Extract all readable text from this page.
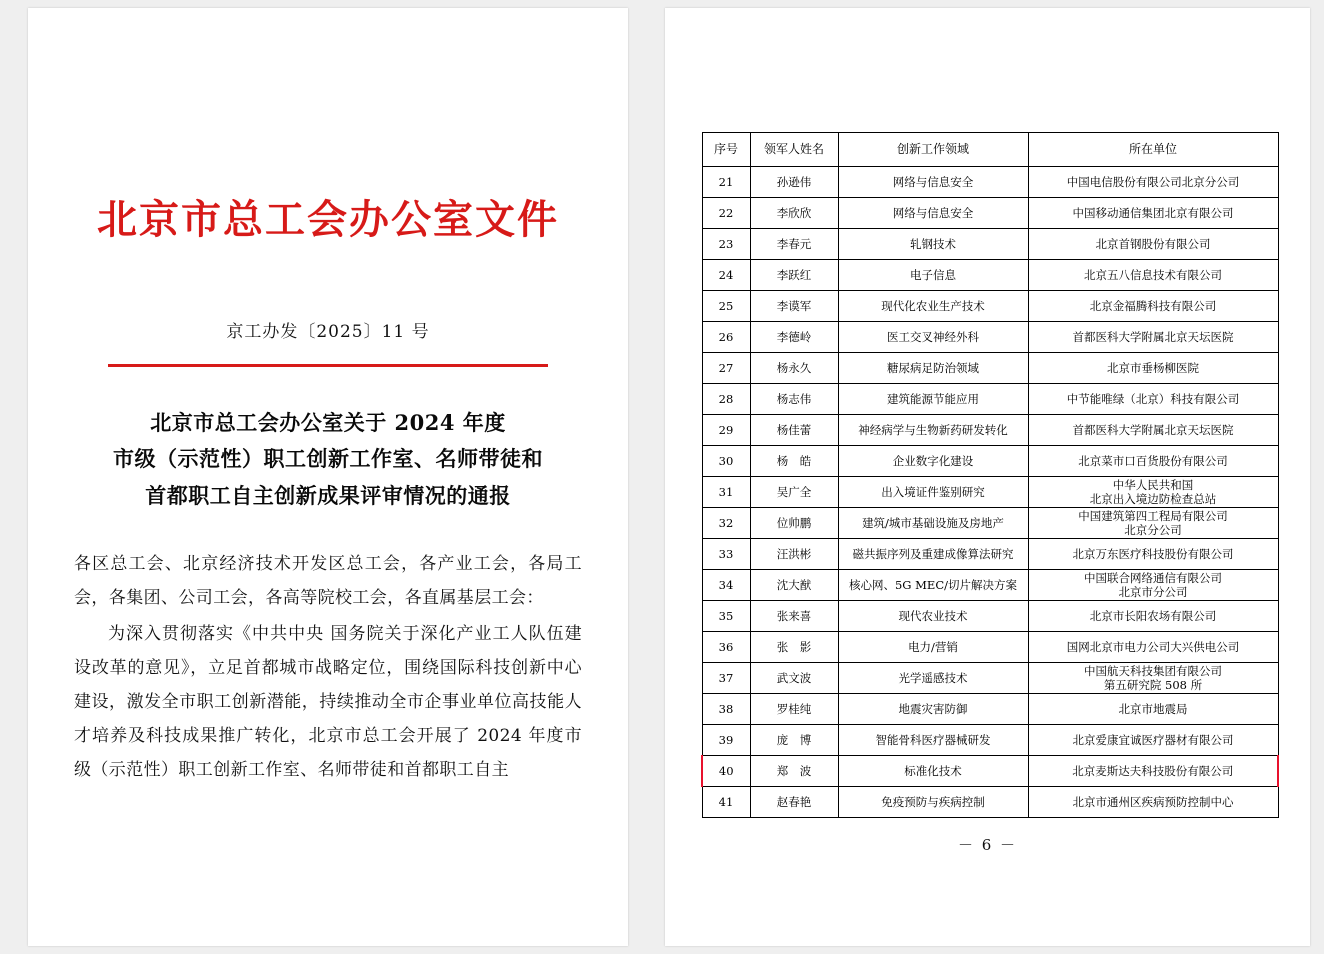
北京市总工会办公室文件
京工办发〔2025〕11 号
北京市总工会办公室关于 2024 年度
市级（示范性）职工创新工作室、名师带徒和
首都职工自主创新成果评审情况的通报

各区总工会、北京经济技术开发区总工会，各产业工会，各局工会，各集团、公司工会，各高等院校工会，各直属基层工会：

为深入贯彻落实《中共中央 国务院关于深化产业工人队伍建设改革的意见》，立足首都城市战略定位，围绕国际科技创新中心建设，激发全市职工创新潜能，持续推动全市企事业单位高技能人才培养及科技成果推广转化，北京市总工会开展了 2024 年度市级（示范性）职工创新工作室、名师带徒和首都职工自主

序号	领军人姓名	创新工作领域	所在单位
21	孙逊伟	网络与信息安全	中国电信股份有限公司北京分公司
22	李欣欣	网络与信息安全	中国移动通信集团北京有限公司
23	李春元	轧钢技术	北京首钢股份有限公司
24	李跃红	电子信息	北京五八信息技术有限公司
25	李谟军	现代化农业生产技术	北京金福腾科技有限公司
26	李德岭	医工交叉神经外科	首都医科大学附属北京天坛医院
27	杨永久	糖尿病足防治领域	北京市垂杨柳医院
28	杨志伟	建筑能源节能应用	中节能唯绿（北京）科技有限公司
29	杨佳蕾	神经病学与生物新药研发转化	首都医科大学附属北京天坛医院
30	杨　皓	企业数字化建设	北京菜市口百货股份有限公司
31	吴广全	出入境证件鉴别研究	中华人民共和国
北京出入境边防检查总站
32	位帅鹏	建筑/城市基础设施及房地产	中国建筑第四工程局有限公司
北京分公司
33	汪洪彬	磁共振序列及重建成像算法研究	北京万东医疗科技股份有限公司
34	沈大猷	核心网、5G MEC/切片解决方案	中国联合网络通信有限公司
北京市分公司
35	张来喜	现代农业技术	北京市长阳农场有限公司
36	张　影	电力/营销	国网北京市电力公司大兴供电公司
37	武文波	光学遥感技术	中国航天科技集团有限公司
第五研究院 508 所
38	罗桂纯	地震灾害防御	北京市地震局
39	庞　博	智能骨科医疗器械研发	北京爱康宜诚医疗器材有限公司
40	郑　波	标准化技术	北京麦斯达夫科技股份有限公司
41	赵春艳	免疫预防与疾病控制	北京市通州区疾病预防控制中心
－ 6 －
